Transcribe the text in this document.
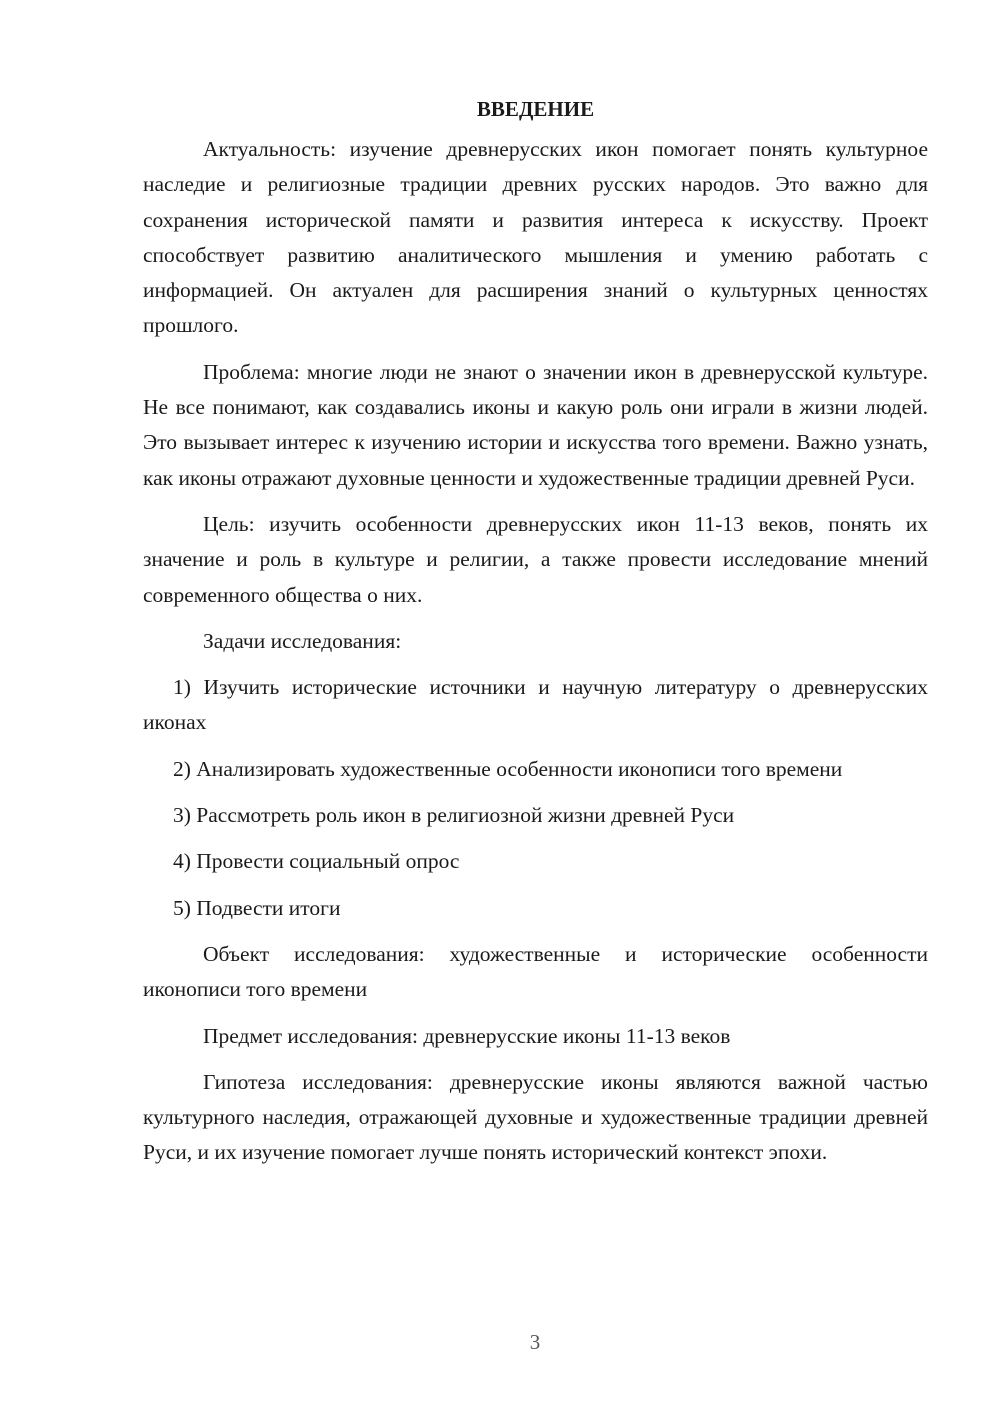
ВВЕДЕНИЕ

Актуальность: изучение древнерусских икон помогает понять культурное наследие и религиозные традиции древних русских народов. Это важно для сохранения исторической памяти и развития интереса к искусству. Проект способствует развитию аналитического мышления и умению работать с информацией. Он актуален для расширения знаний о культурных ценностях прошлого.

Проблема: многие люди не знают о значении икон в древнерусской культуре. Не все понимают, как создавались иконы и какую роль они играли в жизни людей. Это вызывает интерес к изучению истории и искусства того времени. Важно узнать, как иконы отражают духовные ценности и художественные традиции древней Руси.

Цель: изучить особенности древнерусских икон 11-13 веков, понять их значение и роль в культуре и религии, а также провести исследование мнений современного общества о них.

Задачи исследования:

1) Изучить исторические источники и научную литературу о древнерусских иконах

2) Анализировать художественные особенности иконописи того времени

3) Рассмотреть роль икон в религиозной жизни древней Руси

4) Провести социальный опрос

5) Подвести итоги

Объект исследования: художественные и исторические особенности иконописи того времени

Предмет исследования: древнерусские иконы 11-13 веков

Гипотеза исследования: древнерусские иконы являются важной частью культурного наследия, отражающей духовные и художественные традиции древней Руси, и их изучение помогает лучше понять исторический контекст эпохи.

3
